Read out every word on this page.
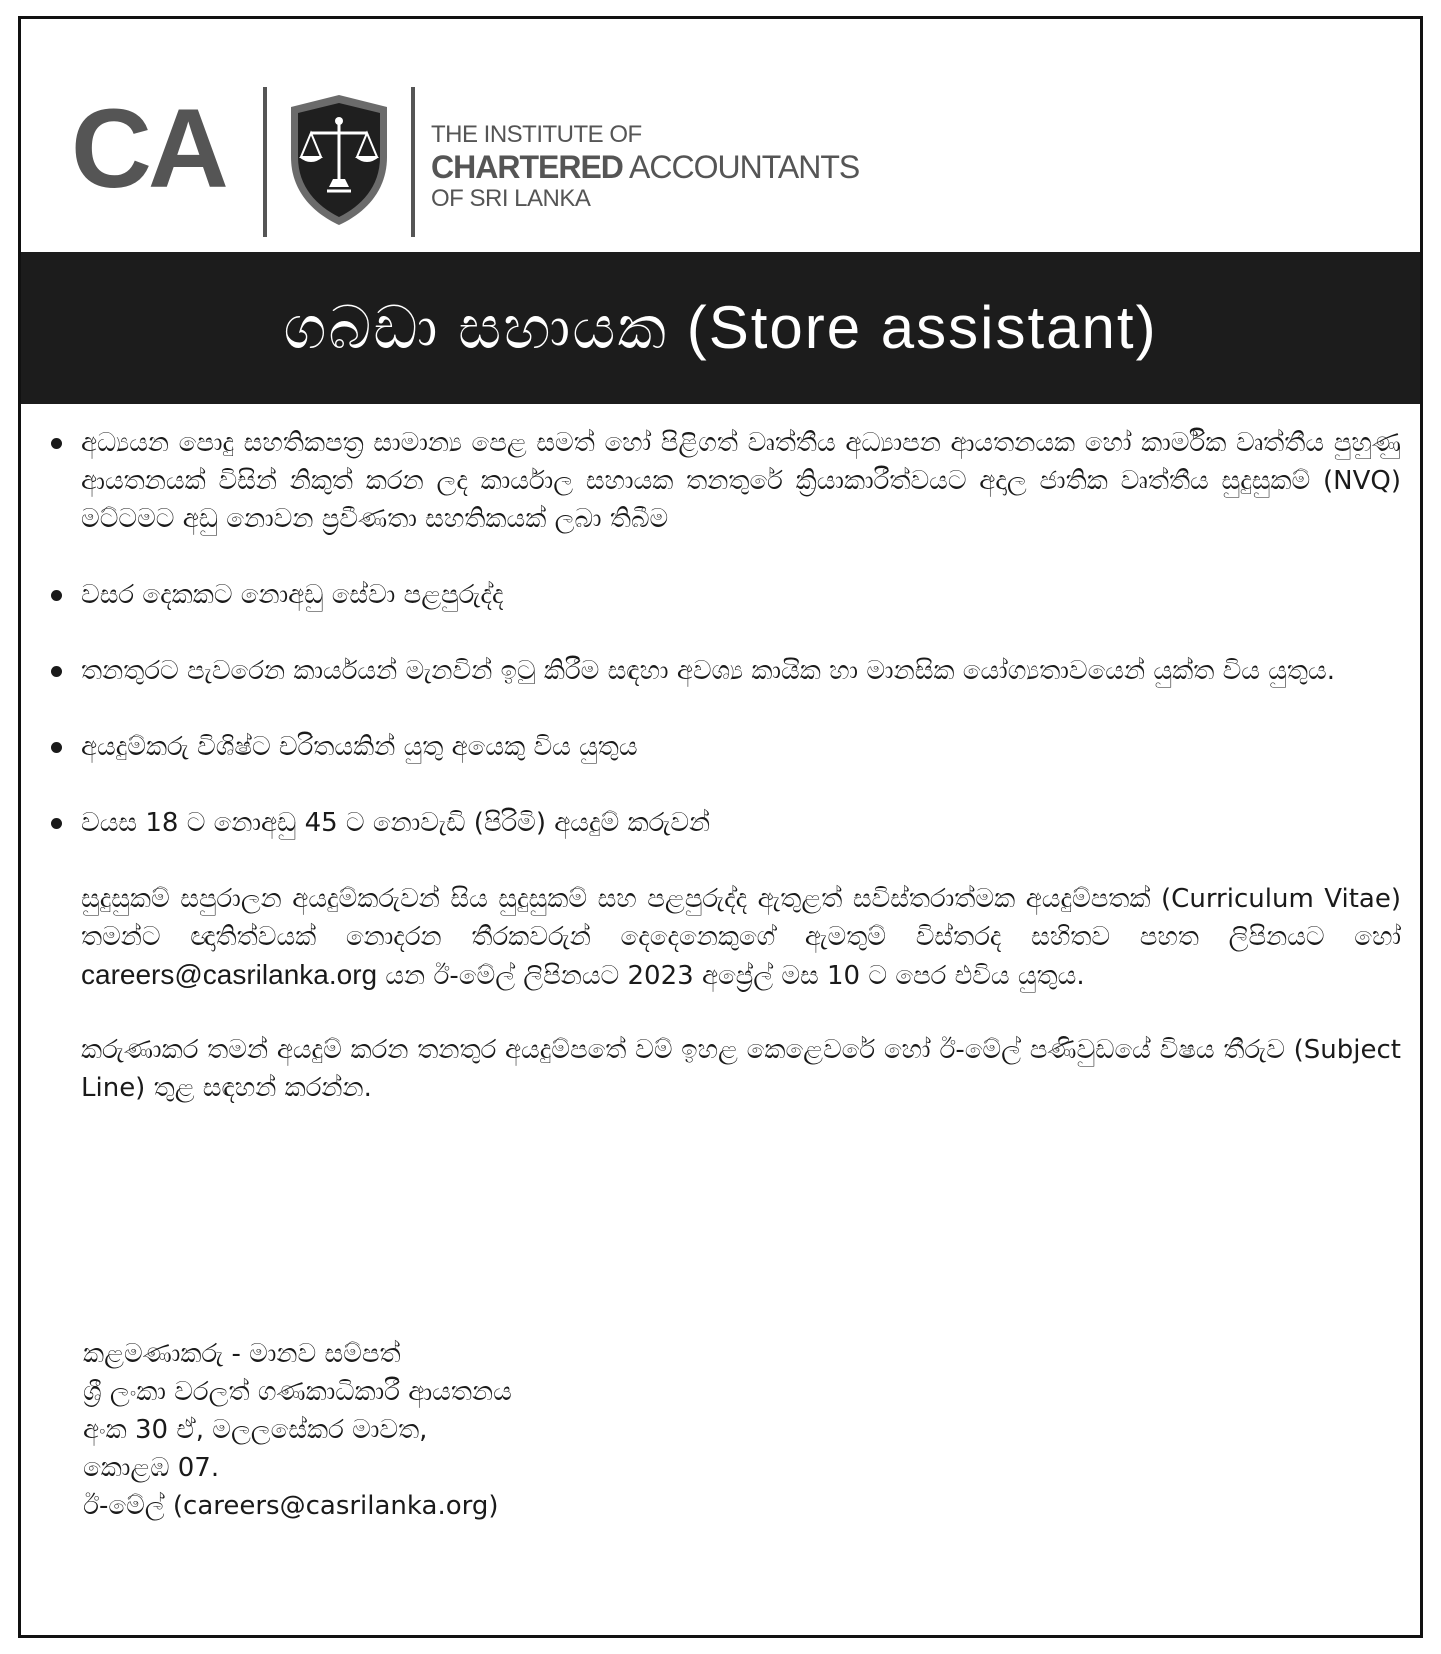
CA	THE INSTITUTE OF
CHARTERED ACCOUNTANTS
OF SRI LANKA
ගබඩා සහායක (Store assistant)
අධ්‍යයන පොදු සහතිකපත්‍ර සාමාන්‍ය පෙළ සමත් හෝ පිළිගත් වෘත්තීය අධ්‍යාපන ආයතනයක හෝ කාර්මික වෘත්තීය පුහුණු ආයතනයක් විසින් නිකුත් කරන ලද කාර්යාල සහායක තනතුරේ ක්‍රියාකාරීත්වයට අදාල ජාතික වෘත්තීය සුදුසුකම් (NVQ) මට්ටමට අඩු නොවන ප්‍රවීණතා සහතිකයක් ලබා තිබීම
වසර දෙකකට නොඅඩු සේවා පළපුරුද්ද
තනතුරට පැවරෙන කාර්යයන් මැනවින් ඉටු කිරීම සඳහා අවශ්‍ය කායික හා මානසික යෝග්‍යතාවයෙන් යුක්ත විය යුතුය.
අයදුම්කරු විශිෂ්ට චරිතයකින් යුතු අයෙකු විය යුතුය
වයස 18 ට නොඅඩු 45 ට නොවැඩි (පිරිමි) අයදුම් කරුවන්

සුදුසුකම් සපුරාලන අයදුම්කරුවන් සිය සුදුසුකම් සහ පළපුරුද්ද ඇතුළත් සවිස්තරාත්මක අයදුම්පතක් (Curriculum Vitae) තමන්ට ඥාතිත්වයක් නොදරන තීරකවරුන් දෙදෙනෙකුගේ ඇමතුම් විස්තරද සහිතව පහත ලිපිනයට හෝ careers@casrilanka.org යන ඊ-මේල් ලිපිනයට 2023 අප්‍රේල් මස 10 ට පෙර එවිය යුතුය.

කරුණාකර තමන් අයදුම් කරන තනතුර අයදුම්පතේ වම් ඉහළ කෙළෙවරේ හෝ ඊ-මේල් පණිවුඩයේ විෂය තීරුව (Subject Line) තුළ සඳහන් කරන්න.

කළමණාකරු - මානව සම්පත්
ශ්‍රී ලංකා වරලත් ගණකාධිකාරී ආයතනය
අංක 30 ඒ, මලලසේකර මාවත,
කොළඹ 07.
ඊ-මේල් (careers@casrilanka.org)
